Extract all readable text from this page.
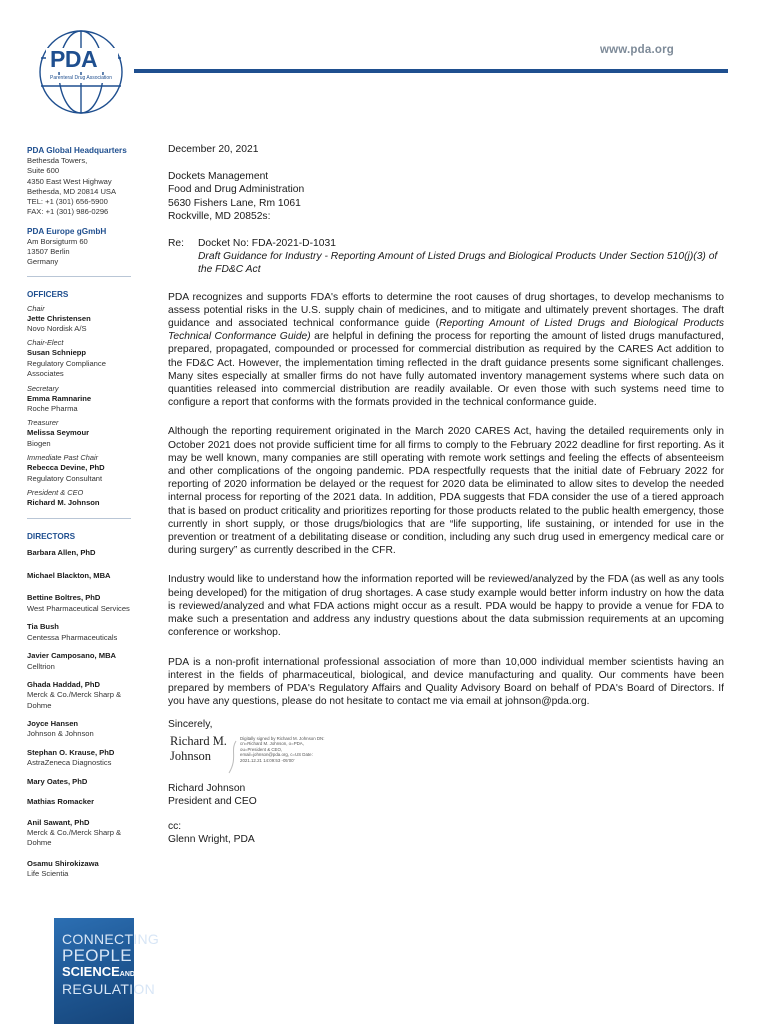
PDA
Parenteral Drug Association
www.pda.org
PDA Global Headquarters
Bethesda Towers,
Suite 600
4350 East West Highway
Bethesda, MD 20814 USA
TEL: +1 (301) 656-5900
FAX: +1 (301) 986-0296
PDA Europe gGmbH
Am Borsigturm 60
13507 Berlin
Germany
OFFICERS
Chair
Jette Christensen
Novo Nordisk A/S
Chair-Elect
Susan Schniepp
Regulatory Compliance Associates
Secretary
Emma Ramnarine
Roche Pharma
Treasurer
Melissa Seymour
Biogen
Immediate Past Chair
Rebecca Devine, PhD
Regulatory Consultant
President & CEO
Richard M. Johnson
DIRECTORS
Barbara Allen, PhD
Michael Blackton, MBA
Bettine Boltres, PhD
West Pharmaceutical Services
Tia Bush
Centessa Pharmaceuticals
Javier Camposano, MBA
Celltrion
Ghada Haddad, PhD
Merck & Co./Merck Sharp & Dohme
Joyce Hansen
Johnson & Johnson
Stephan O. Krause, PhD
AstraZeneca Diagnostics
Mary Oates, PhD
Mathias Romacker
Anil Sawant, PhD
Merck & Co./Merck Sharp & Dohme
Osamu Shirokizawa
Life Scientia
CONNECTING
PEOPLE
SCIENCEAND
REGULATION
December 20, 2021
Dockets Management
Food and Drug Administration
5630 Fishers Lane, Rm 1061
Rockville, MD 20852s:
Re:	Docket No: FDA-2021-D-1031
Draft Guidance for Industry - Reporting Amount of Listed Drugs and Biological Products Under Section 510(j)(3) of the FD&C Act
PDA recognizes and supports FDA's efforts to determine the root causes of drug shortages, to develop mechanisms to assess potential risks in the U.S. supply chain of medicines, and to mitigate and ultimately prevent shortages. The draft guidance and associated technical conformance guide (Reporting Amount of Listed Drugs and Biological Products Technical Conformance Guide) are helpful in defining the process for reporting the amount of listed drugs manufactured, prepared, propagated, compounded or processed for commercial distribution as required by the CARES Act addition to the FD&C Act. However, the implementation timing reflected in the draft guidance presents some significant challenges. Many sites especially at smaller firms do not have fully automated inventory management systems where such data on quantities released into commercial distribution are readily available. Or even those with such systems need time to configure a report that conforms with the formats provided in the technical conformance guide.
Although the reporting requirement originated in the March 2020 CARES Act, having the detailed requirements only in October 2021 does not provide sufficient time for all firms to comply to the February 2022 deadline for first reporting. As it may be well known, many companies are still operating with remote work settings and feeling the effects of absenteeism and other complications of the ongoing pandemic. PDA respectfully requests that the initial date of February 2022 for reporting of 2020 information be delayed or the request for 2020 data be eliminated to allow sites to develop the needed internal process for reporting of the 2021 data. In addition, PDA suggests that FDA consider the use of a tiered approach that is based on product criticality and prioritizes reporting for those products related to the public health emergency, those currently in short supply, or those drugs/biologics that are “life supporting, life sustaining, or intended for use in the prevention or treatment of a debilitating disease or condition, including any such drug used in emergency medical care or during surgery” as currently described in the CFR.
Industry would like to understand how the information reported will be reviewed/analyzed by the FDA (as well as any tools being developed) for the mitigation of drug shortages. A case study example would better inform industry on how the data is reviewed/analyzed and what FDA actions might occur as a result. PDA would be happy to provide a venue for FDA to make such a presentation and address any industry questions about the data submission requirements at an upcoming conference or workshop.
PDA is a non-profit international professional association of more than 10,000 individual member scientists having an interest in the fields of pharmaceutical, biological, and device manufacturing and quality. Our comments have been prepared by members of PDA's Regulatory Affairs and Quality Advisory Board on behalf of PDA's Board of Directors. If you have any questions, please do not hesitate to contact me via email at johnson@pda.org.
Sincerely,
Richard M.
Johnson
Digitally signed by Richard M. Johnson DN: cn=Richard M. Johnson, o=PDA, ou=President & CEO, email=johnson@pda.org, c=US Date: 2021.12.21 14:09:53 -05'00'
Richard Johnson
President and CEO
cc:
Glenn Wright, PDA
